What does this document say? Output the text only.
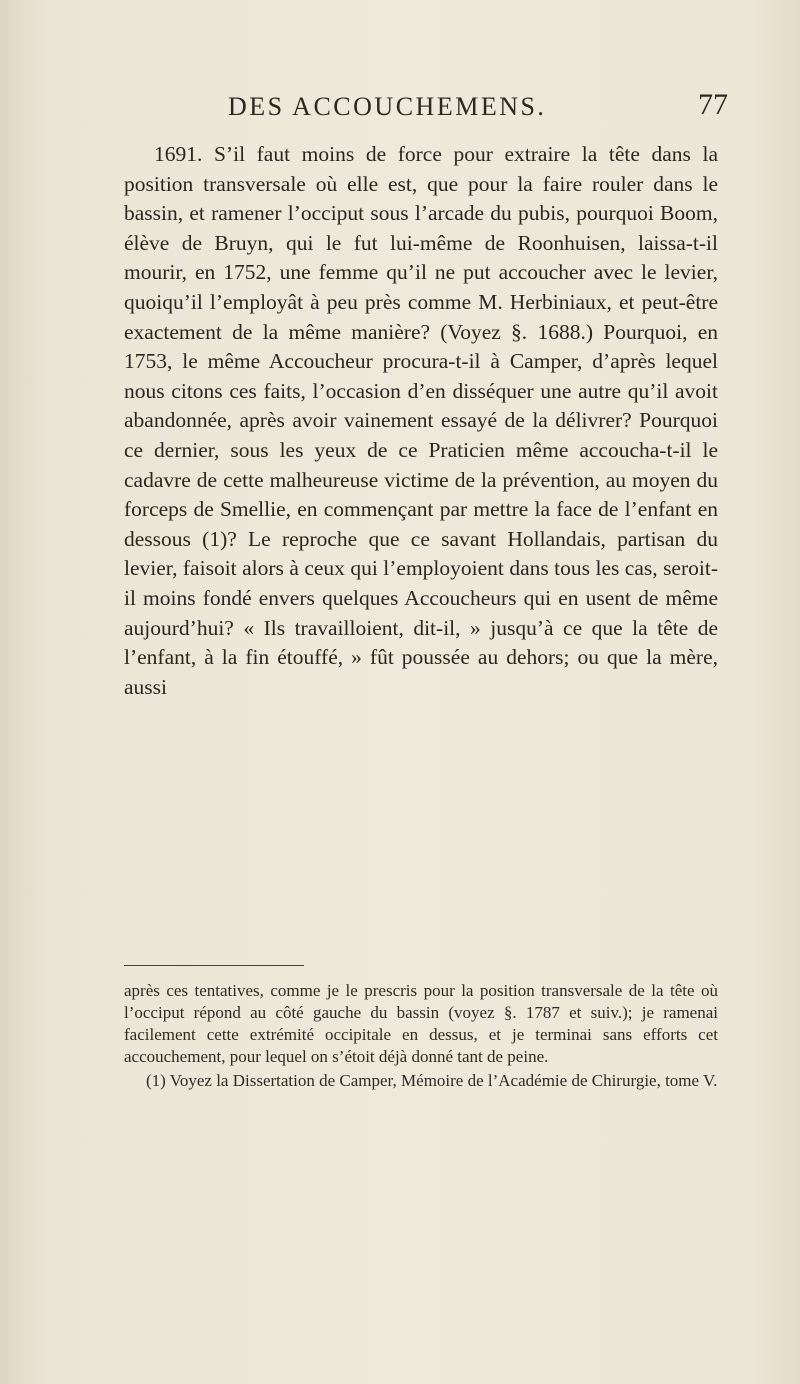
DES ACCOUCHEMENS.	77

1691. S’il faut moins de force pour extraire la tête dans la position transversale où elle est, que pour la faire rouler dans le bassin, et ramener l’occiput sous l’arcade du pubis, pourquoi Boom, élève de Bruyn, qui le fut lui-même de Roonhuisen, laissa-t-il mourir, en 1752, une femme qu’il ne put accoucher avec le levier, quoiqu’il l’employât à peu près comme M. Herbiniaux, et peut-être exactement de la même manière? (Voyez §. 1688.) Pourquoi, en 1753, le même Accoucheur procura-t-il à Camper, d’après lequel nous citons ces faits, l’occasion d’en disséquer une autre qu’il avoit abandonnée, après avoir vainement essayé de la délivrer? Pourquoi ce dernier, sous les yeux de ce Praticien même accoucha-t-il le cadavre de cette malheureuse victime de la prévention, au moyen du forceps de Smellie, en commençant par mettre la face de l’enfant en dessous (1)? Le reproche que ce savant Hollandais, partisan du levier, faisoit alors à ceux qui l’employoient dans tous les cas, seroit-il moins fondé envers quelques Accoucheurs qui en usent de même aujourd’hui? « Ils travailloient, dit-il, » jusqu’à ce que la tête de l’enfant, à la fin étouffé, » fût poussée au dehors; ou que la mère, aussi

après ces tentatives, comme je le prescris pour la position transversale de la tête où l’occiput répond au côté gauche du bassin (voyez §. 1787 et suiv.); je ramenai facilement cette extrémité occipitale en dessus, et je terminai sans efforts cet accouchement, pour lequel on s’étoit déjà donné tant de peine.

(1) Voyez la Dissertation de Camper, Mémoire de l’Académie de Chirurgie, tome V.
